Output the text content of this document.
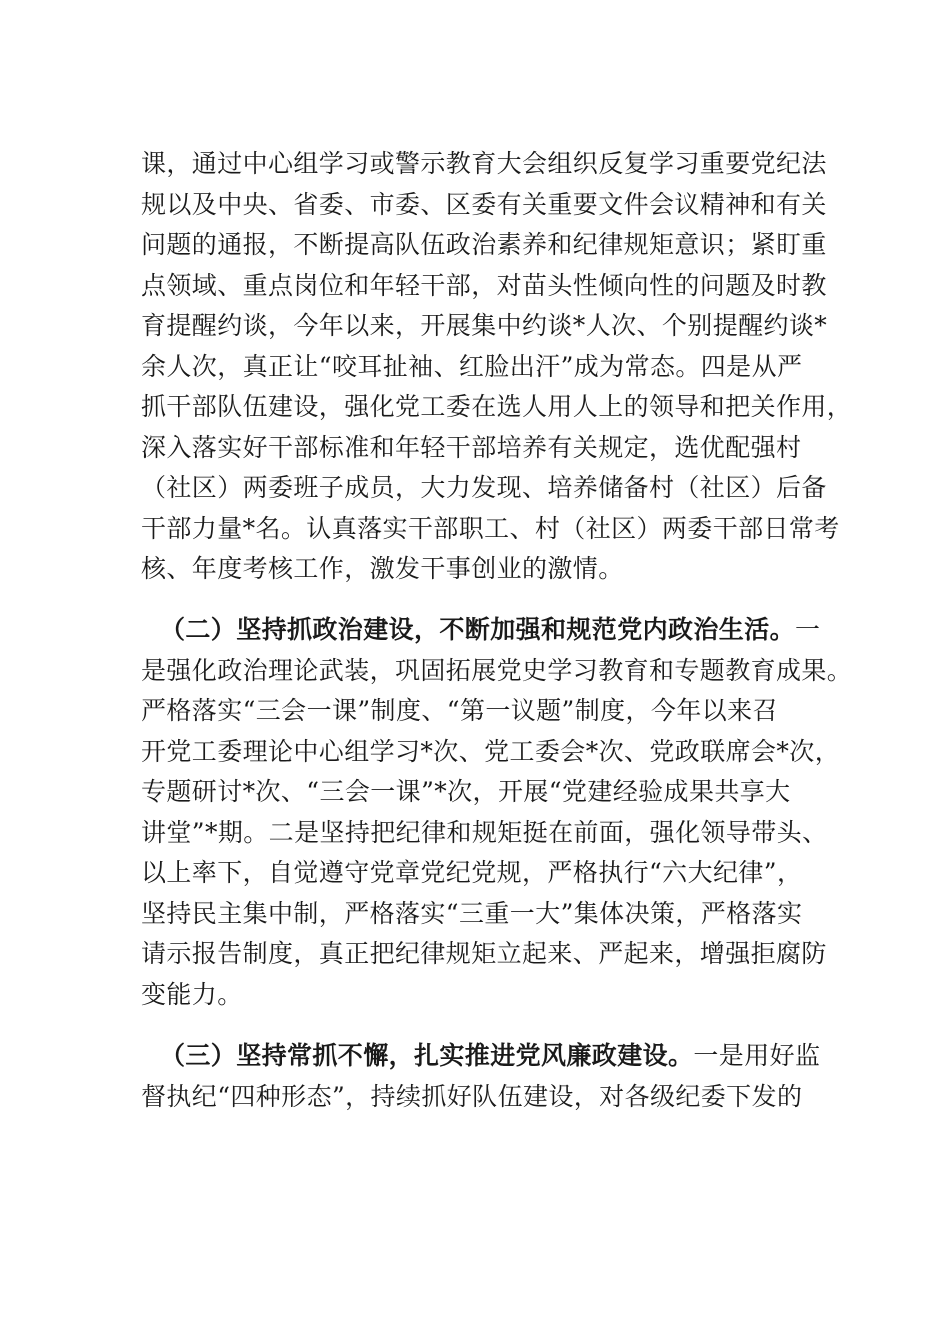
课，通过中心组学习或警示教育大会组织反复学习重要党纪法
规以及中央、省委、市委、区委有关重要文件会议精神和有关
问题的通报，不断提高队伍政治素养和纪律规矩意识；紧盯重
点领域、重点岗位和年轻干部，对苗头性倾向性的问题及时教
育提醒约谈，今年以来，开展集中约谈*人次、个别提醒约谈*
余人次，真正让“咬耳扯袖、红脸出汗”成为常态。四是从严
抓干部队伍建设，强化党工委在选人用人上的领导和把关作用，
深入落实好干部标准和年轻干部培养有关规定，选优配强村
（社区）两委班子成员，大力发现、培养储备村（社区）后备
干部力量*名。认真落实干部职工、村（社区）两委干部日常考
核、年度考核工作，激发干事创业的激情。
（二）坚持抓政治建设，不断加强和规范党内政治生活。一
是强化政治理论武装，巩固拓展党史学习教育和专题教育成果。
严格落实“三会一课”制度、“第一议题”制度，今年以来召
开党工委理论中心组学习*次、党工委会*次、党政联席会*次，
专题研讨*次、“三会一课”*次，开展“党建经验成果共享大
讲堂”*期。二是坚持把纪律和规矩挺在前面，强化领导带头、
以上率下，自觉遵守党章党纪党规，严格执行“六大纪律”，
坚持民主集中制，严格落实“三重一大”集体决策，严格落实
请示报告制度，真正把纪律规矩立起来、严起来，增强拒腐防
变能力。
（三）坚持常抓不懈，扎实推进党风廉政建设。一是用好监
督执纪“四种形态”，持续抓好队伍建设，对各级纪委下发的
